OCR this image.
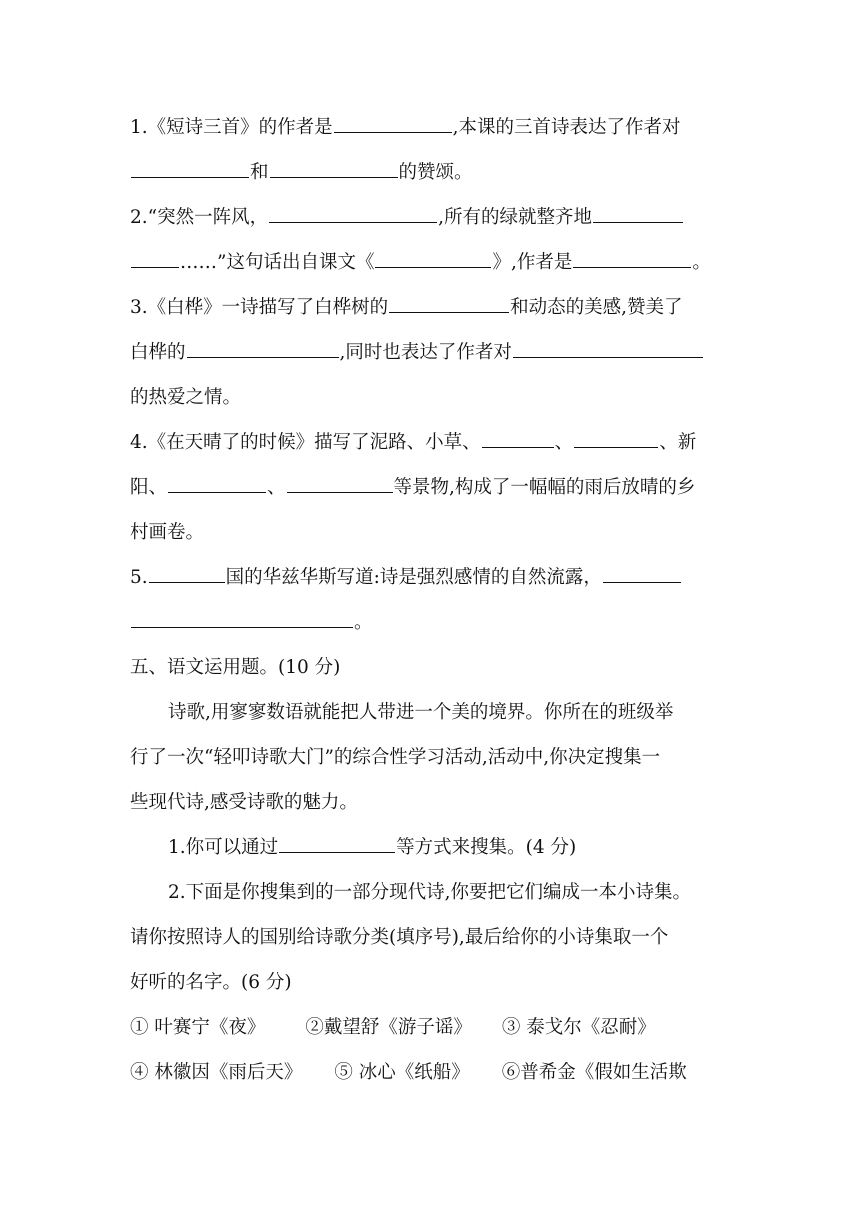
1.《短诗三首》的作者是	,本课的三首诗表达了作者对
和	的赞颂。
2.“突然一阵风，	,所有的绿就整齐地
……”这句话出自课文《	》,作者是	。
3.《白桦》一诗描写了白桦树的	和动态的美感,赞美了
白桦的	,同时也表达了作者对
的热爱之情。
4.《在天晴了的时候》描写了泥路、小草、	、	、新
阳、	、	等景物,构成了一幅幅的雨后放晴的乡
村画卷。
5.	国的华兹华斯写道:诗是强烈感情的自然流露，
。
五、语文运用题。(10 分)
诗歌,用寥寥数语就能把人带进一个美的境界。你所在的班级举
行了一次“轻叩诗歌大门”的综合性学习活动,活动中,你决定搜集一
些现代诗,感受诗歌的魅力。
1.你可以通过	等方式来搜集。(4 分)
2.下面是你搜集到的一部分现代诗,你要把它们编成一本小诗集。
请你按照诗人的国别给诗歌分类(填序号),最后给你的小诗集取一个
好听的名字。(6 分)
① 叶赛宁《夜》 ②戴望舒《游子谣》 ③ 泰戈尔《忍耐》
④ 林徽因《雨后天》 ⑤ 冰心《纸船》 ⑥普希金《假如生活欺
